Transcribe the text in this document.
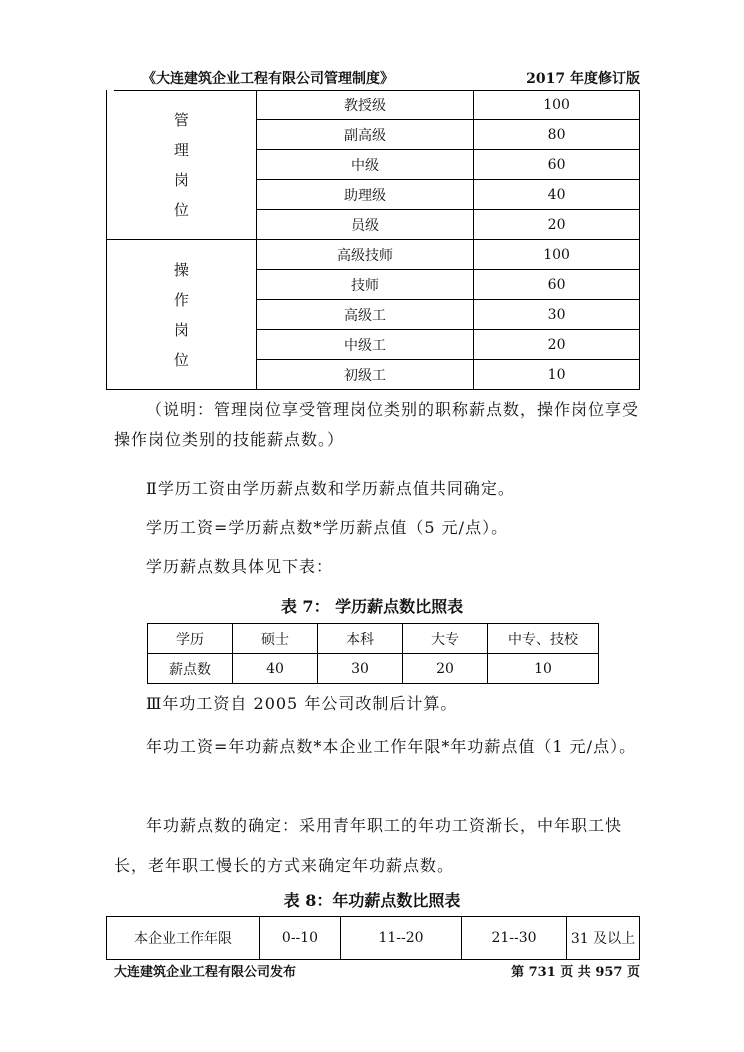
《大连建筑企业工程有限公司管理制度》	2017 年度修订版
管
理
岗
位	教授级	100
	副高级	80
	中级	60
	助理级	40
	员级	20

操
作
岗
位	高级技师	100
	技师	60
	高级工	30
	中级工	20
	初级工	10

（说明：管理岗位享受管理岗位类别的职称薪点数，操作岗位享受操作岗位类别的技能薪点数。）

Ⅱ学历工资由学历薪点数和学历薪点值共同确定。

学历工资=学历薪点数*学历薪点值（5 元/点）。

学历薪点数具体见下表：

表 7： 学历薪点数比照表
学历	硕士	本科	大专	中专、技校
薪点数	40	30	20	10

Ⅲ年功工资自 2005 年公司改制后计算。

年功工资=年功薪点数*本企业工作年限*年功薪点值（1 元/点）。

年功薪点数的确定：采用青年职工的年功工资渐长，中年职工快长，老年职工慢长的方式来确定年功薪点数。

表 8：年功薪点数比照表
本企业工作年限	0--10	11--20	21--30	31 及以上
大连建筑企业工程有限公司发布	第 731 页 共 957 页
